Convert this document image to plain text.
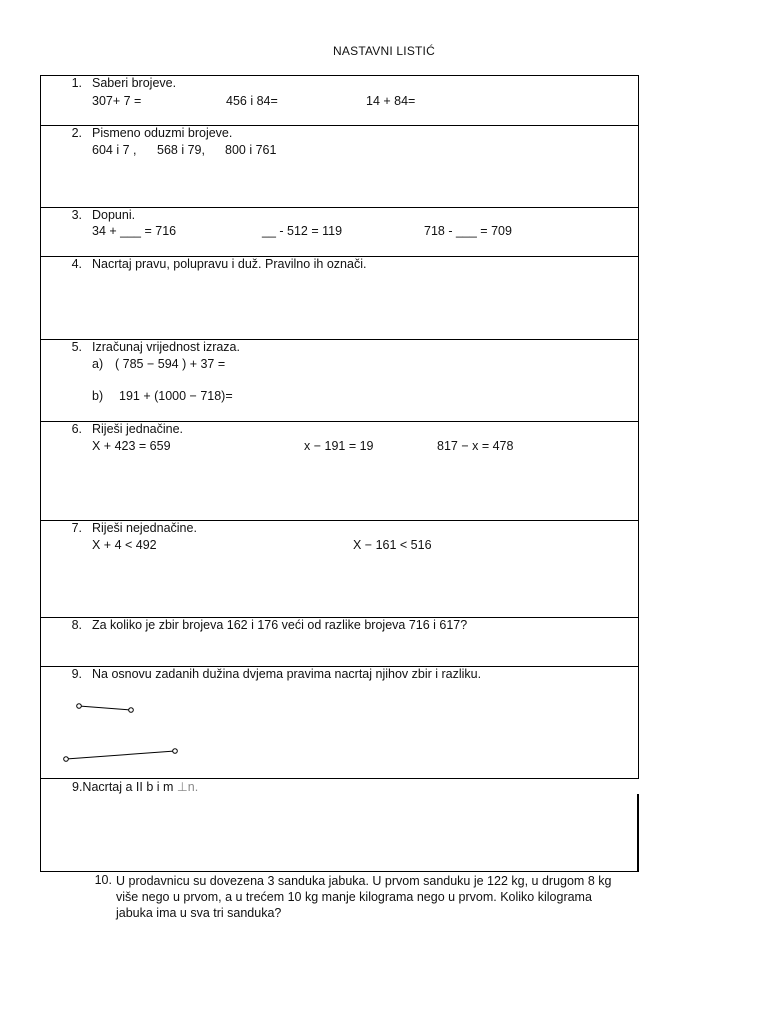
NASTAVNI LISTIĆ
1. Saberi brojeve.
307+ 7 =	456 i 84=	14 + 84=
2. Pismeno oduzmi brojeve.
604 i 7 , 568 i 79, 800 i 761
3. Dopuni.
34 + ___ = 716	__ - 512 = 119	718 - ___ = 709
4. Nacrtaj pravu, polupravu i duž. Pravilno ih označi.
5. Izračunaj vrijednost izraza.
a) ( 785 − 594 ) + 37 =
b) 191 + (1000 − 718)=
6. Riješi jednačine.
X + 423 = 659	x − 191 = 19	817 − x = 478
7. Riješi nejednačine.
X + 4 < 492	X − 161 < 516
8. Za koliko je zbir brojeva 162 i 176 veći od razlike brojeva 716 i 617?
9. Na osnovu zadanih dužina dvjema pravima nacrtaj njihov zbir i razliku.
9.Nacrtaj a II b i m ⊥n.
10. U prodavnicu su dovezena 3 sanduka jabuka. U prvom sanduku je 122 kg, u drugom 8 kg
više nego u prvom, a u trećem 10 kg manje kilograma nego u prvom. Koliko kilograma
jabuka ima u sva tri sanduka?
